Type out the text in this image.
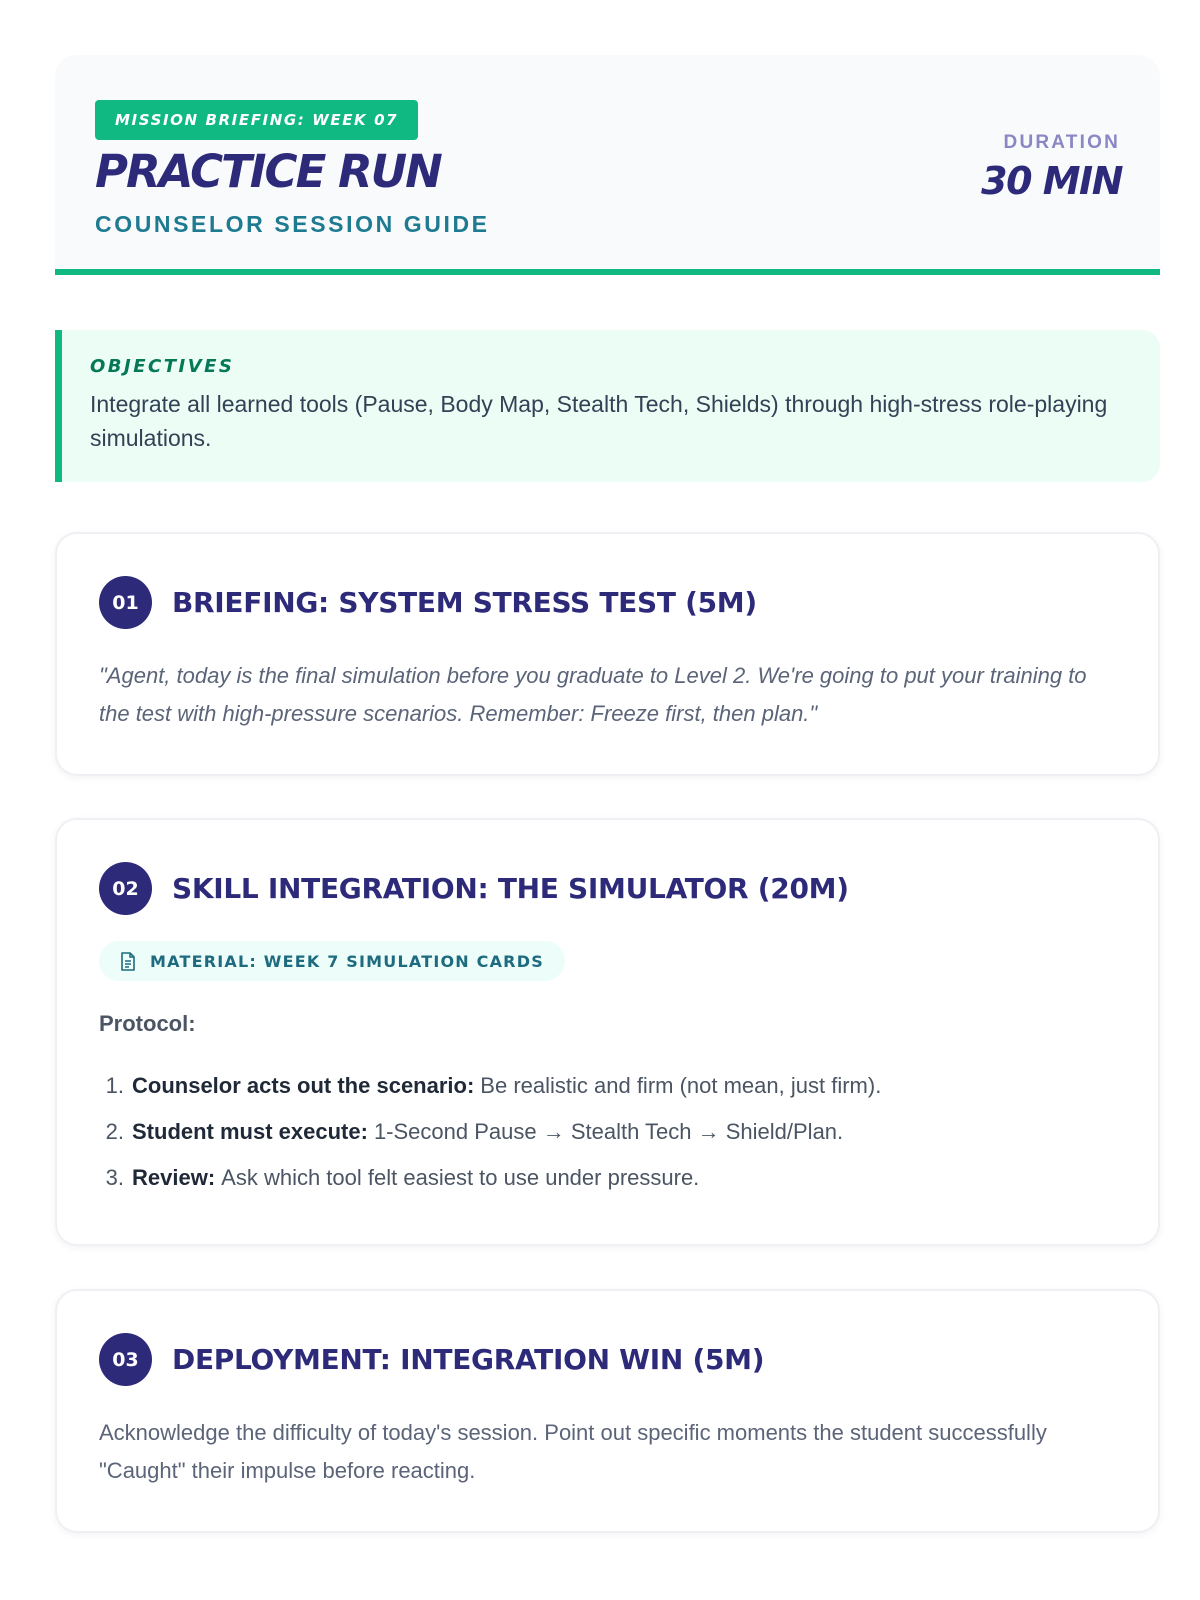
MISSION BRIEFING: WEEK 07
PRACTICE RUN
COUNSELOR SESSION GUIDE
DURATION
30 MIN
OBJECTIVES
Integrate all learned tools (Pause, Body Map, Stealth Tech, Shields) through high-stress role-playing simulations.
01	BRIEFING: SYSTEM STRESS TEST (5M)
"Agent, today is the final simulation before you graduate to Level 2. We're going to put your training to the test with high-pressure scenarios. Remember: Freeze first, then plan."
02	SKILL INTEGRATION: THE SIMULATOR (20M)
MATERIAL: WEEK 7 SIMULATION CARDS
Protocol:
1. Counselor acts out the scenario: Be realistic and firm (not mean, just firm).
2. Student must execute: 1-Second Pause → Stealth Tech → Shield/Plan.
3. Review: Ask which tool felt easiest to use under pressure.
03	DEPLOYMENT: INTEGRATION WIN (5M)
Acknowledge the difficulty of today's session. Point out specific moments the student successfully "Caught" their impulse before reacting.
